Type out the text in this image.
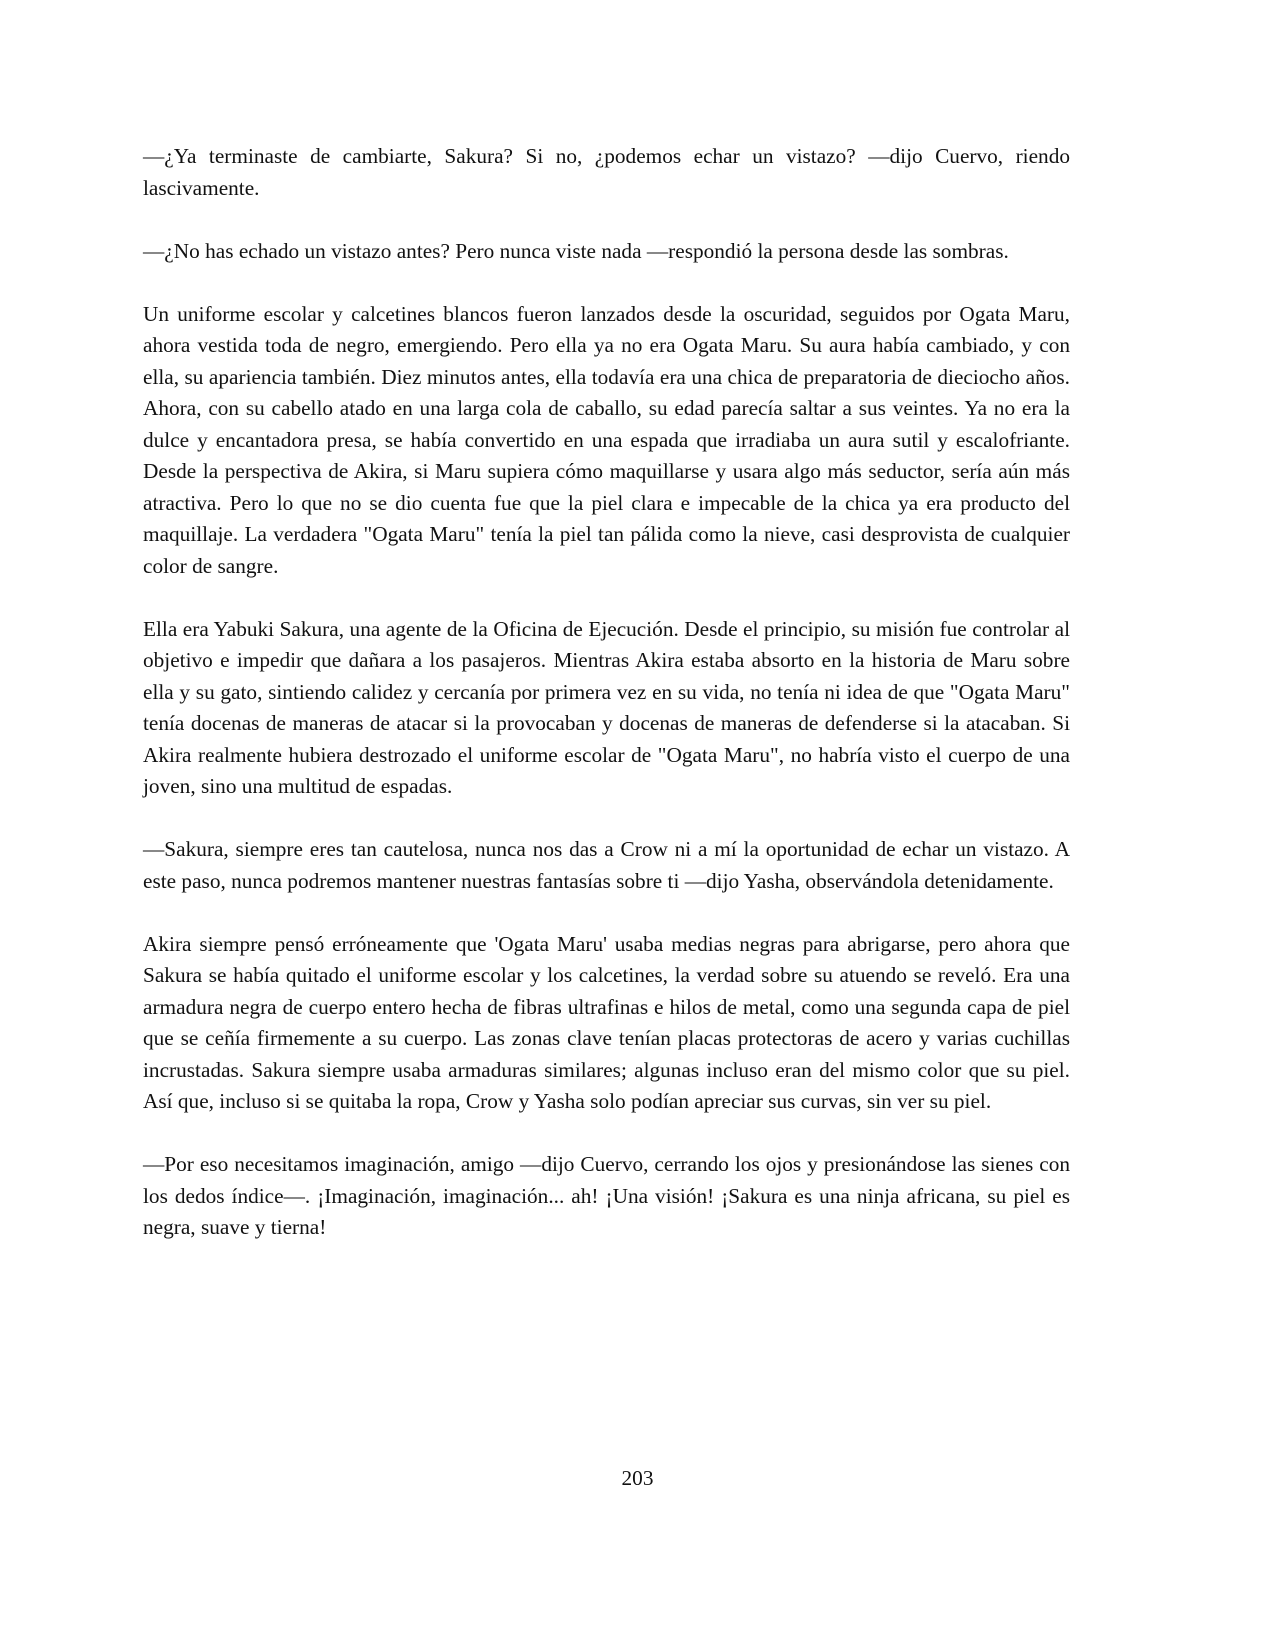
—¿Ya terminaste de cambiarte, Sakura? Si no, ¿podemos echar un vistazo? —dijo Cuervo, riendo lascivamente.

—¿No has echado un vistazo antes? Pero nunca viste nada —respondió la persona desde las sombras.

Un uniforme escolar y calcetines blancos fueron lanzados desde la oscuridad, seguidos por Ogata Maru, ahora vestida toda de negro, emergiendo. Pero ella ya no era Ogata Maru. Su aura había cambiado, y con ella, su apariencia también. Diez minutos antes, ella todavía era una chica de preparatoria de dieciocho años. Ahora, con su cabello atado en una larga cola de caballo, su edad parecía saltar a sus veintes. Ya no era la dulce y encantadora presa, se había convertido en una espada que irradiaba un aura sutil y escalofriante. Desde la perspectiva de Akira, si Maru supiera cómo maquillarse y usara algo más seductor, sería aún más atractiva. Pero lo que no se dio cuenta fue que la piel clara e impecable de la chica ya era producto del maquillaje. La verdadera "Ogata Maru" tenía la piel tan pálida como la nieve, casi desprovista de cualquier color de sangre.

Ella era Yabuki Sakura, una agente de la Oficina de Ejecución. Desde el principio, su misión fue controlar al objetivo e impedir que dañara a los pasajeros. Mientras Akira estaba absorto en la historia de Maru sobre ella y su gato, sintiendo calidez y cercanía por primera vez en su vida, no tenía ni idea de que "Ogata Maru" tenía docenas de maneras de atacar si la provocaban y docenas de maneras de defenderse si la atacaban. Si Akira realmente hubiera destrozado el uniforme escolar de "Ogata Maru", no habría visto el cuerpo de una joven, sino una multitud de espadas.

—Sakura, siempre eres tan cautelosa, nunca nos das a Crow ni a mí la oportunidad de echar un vistazo. A este paso, nunca podremos mantener nuestras fantasías sobre ti —dijo Yasha, observándola detenidamente.

Akira siempre pensó erróneamente que 'Ogata Maru' usaba medias negras para abrigarse, pero ahora que Sakura se había quitado el uniforme escolar y los calcetines, la verdad sobre su atuendo se reveló. Era una armadura negra de cuerpo entero hecha de fibras ultrafinas e hilos de metal, como una segunda capa de piel que se ceñía firmemente a su cuerpo. Las zonas clave tenían placas protectoras de acero y varias cuchillas incrustadas. Sakura siempre usaba armaduras similares; algunas incluso eran del mismo color que su piel. Así que, incluso si se quitaba la ropa, Crow y Yasha solo podían apreciar sus curvas, sin ver su piel.

—Por eso necesitamos imaginación, amigo —dijo Cuervo, cerrando los ojos y presionándose las sienes con los dedos índice—. ¡Imaginación, imaginación... ah! ¡Una visión! ¡Sakura es una ninja africana, su piel es negra, suave y tierna!

203
